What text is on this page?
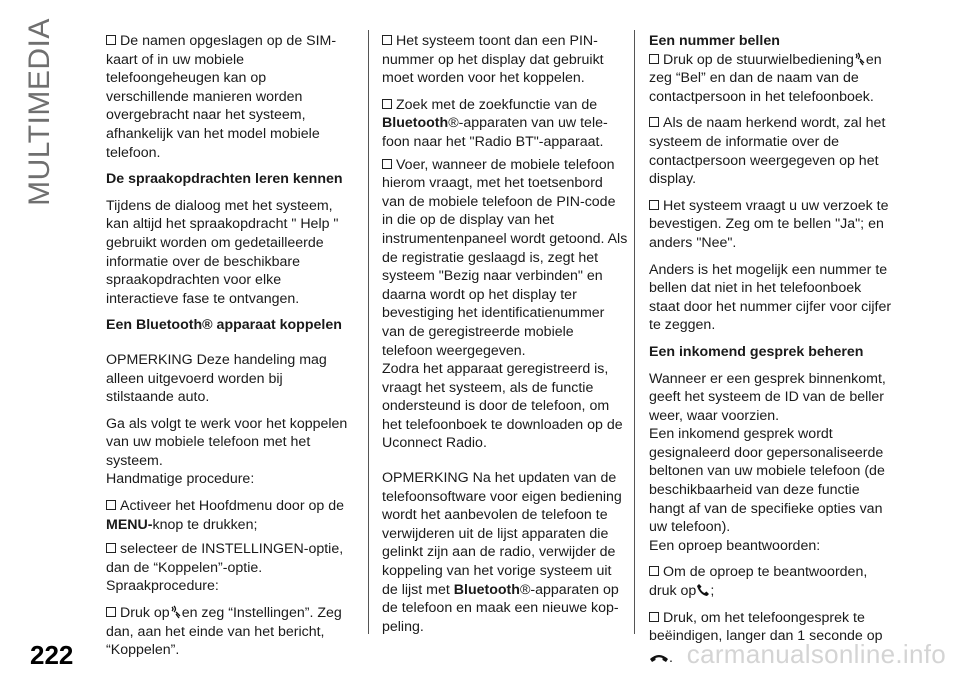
MULTIMEDIA	De namen opgeslagen op de SIM-kaart of in uw mobiele telefoongeheugen kan op verschillende manieren worden overgebracht naar het systeem, afhankelijk van het model mobiele telefoon.

De spraakopdrachten leren kennen

Tijdens de dialoog met het systeem, kan altijd het spraakopdracht " Help " gebruikt worden om gedetailleerde informatie over de beschikbare spraakopdrachten voor elke interactieve fase te ontvangen.

Een Bluetooth® apparaat koppelen

OPMERKING Deze handeling mag alleen uitgevoerd worden bij stilstaande auto.

Ga als volgt te werk voor het koppelen van uw mobiele telefoon met het systeem.

Handmatige procedure:

Activeer het Hoofdmenu door op de MENU-knop te drukken;

selecteer de INSTELLINGEN-optie, dan de “Koppelen”-optie.

Spraakprocedure:

Druk op en zeg “Instellingen”. Zeg dan, aan het einde van het bericht, “Koppelen”.

Het systeem toont dan een PIN-nummer op het display dat gebruikt moet worden voor het koppelen.

Zoek met de zoekfunctie van de Bluetooth®-apparaten van uw tele-foon naar het "Radio BT"-apparaat.

Voer, wanneer de mobiele telefoon hierom vraagt, met het toetsenbord van de mobiele telefoon de PIN-code in die op de display van het instrumentenpaneel wordt getoond. Als de registratie geslaagd is, zegt het systeem "Bezig naar verbinden" en daarna wordt op het display ter bevestiging het identificatienummer van de geregistreerde mobiele telefoon weergegeven.

Zodra het apparaat geregistreerd is, vraagt het systeem, als de functie ondersteund is door de telefoon, om het telefoonboek te downloaden op de Uconnect Radio.

OPMERKING Na het updaten van de telefoonsoftware voor eigen bediening wordt het aanbevolen de telefoon te verwijderen uit de lijst apparaten die gelinkt zijn aan de radio, verwijder de koppeling van het vorige systeem uit de lijst met Bluetooth®-apparaten op de telefoon en maak een nieuwe kop-peling.

Een nummer bellen

Druk op de stuurwielbediening en zeg “Bel” en dan de naam van de contactpersoon in het telefoonboek.

Als de naam herkend wordt, zal het systeem de informatie over de contactpersoon weergegeven op het display.

Het systeem vraagt u uw verzoek te bevestigen. Zeg om te bellen "Ja"; en anders "Nee".

Anders is het mogelijk een nummer te bellen dat niet in het telefoonboek staat door het nummer cijfer voor cijfer te zeggen.

Een inkomend gesprek beheren

Wanneer er een gesprek binnenkomt, geeft het systeem de ID van de beller weer, waar voorzien.

Een inkomend gesprek wordt gesignaleerd door gepersonaliseerde beltonen van uw mobiele telefoon (de beschikbaarheid van deze functie hangt af van de specifieke opties van uw telefoon).

Een oproep beantwoorden:

Om de oproep te beantwoorden, druk op ;

Druk, om het telefoongesprek te beëindigen, langer dan 1 seconde op
.

222	carmanualsonline.info
